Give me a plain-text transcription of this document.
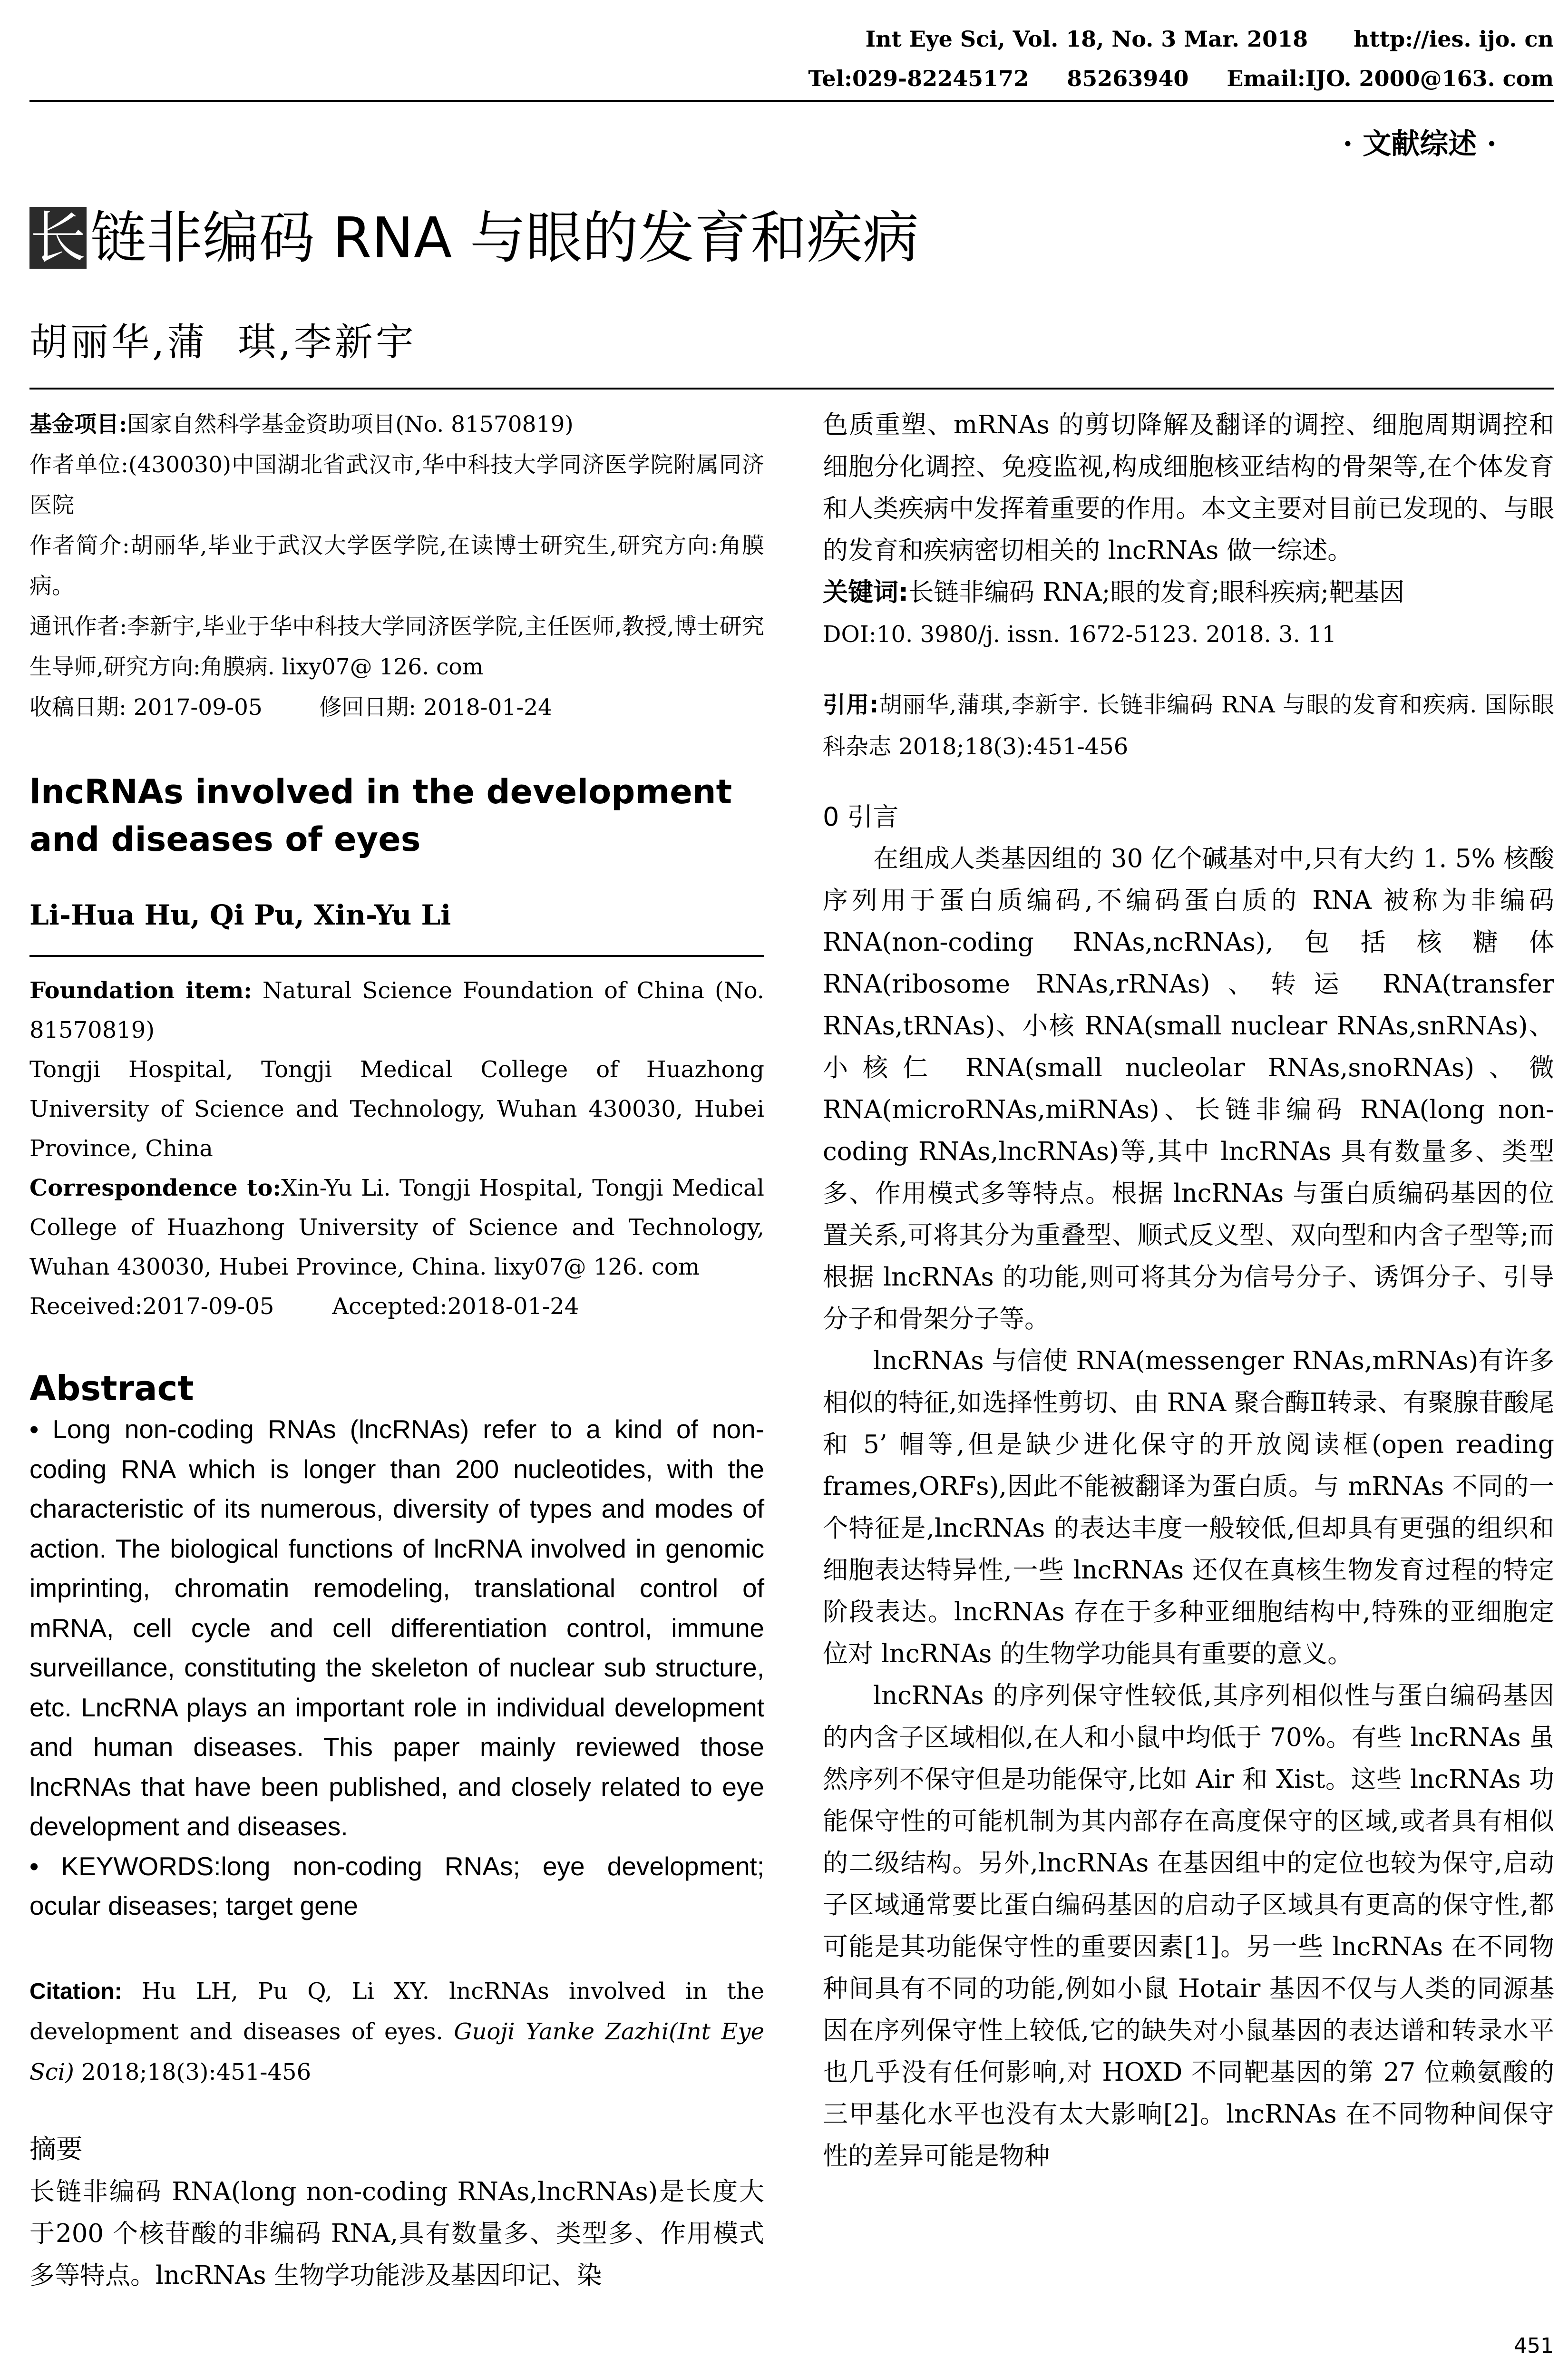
Int Eye Sci, Vol. 18, No. 3 Mar. 2018      http://ies. ijo. cn
Tel:029-82245172     85263940     Email:IJO. 2000@163. com
· 文献综述 ·
长 链非编码 RNA 与眼的发育和疾病
胡丽华,蒲  琪,李新宇
基金项目:国家自然科学基金资助项目(No. 81570819)
作者单位:(430030)中国湖北省武汉市,华中科技大学同济医学院附属同济医院
作者简介:胡丽华,毕业于武汉大学医学院,在读博士研究生,研究方向:角膜病。
通讯作者:李新宇,毕业于华中科技大学同济医学院,主任医师,教授,博士研究生导师,研究方向:角膜病. lixy07@ 126. com
收稿日期: 2017-09-05        修回日期: 2018-01-24
lncRNAs involved in the development and diseases of eyes
Li-Hua Hu, Qi Pu, Xin-Yu Li
Foundation item: Natural Science Foundation of China (No. 81570819)
Tongji Hospital, Tongji Medical College of Huazhong University of Science and Technology, Wuhan 430030, Hubei Province, China
Correspondence to:Xin-Yu Li. Tongji Hospital, Tongji Medical College of Huazhong University of Science and Technology, Wuhan 430030, Hubei Province, China. lixy07@ 126. com
Received:2017-09-05        Accepted:2018-01-24
Abstract
• Long non-coding RNAs (lncRNAs) refer to a kind of non-coding RNA which is longer than 200 nucleotides, with the characteristic of its numerous, diversity of types and modes of action. The biological functions of lncRNA involved in genomic imprinting, chromatin remodeling, translational control of mRNA, cell cycle and cell differentiation control, immune surveillance, constituting the skeleton of nuclear sub structure, etc. LncRNA plays an important role in individual development and human diseases. This paper mainly reviewed those lncRNAs that have been published, and closely related to eye development and diseases.
• KEYWORDS:long non-coding RNAs; eye development; ocular diseases; target gene
Citation: Hu LH, Pu Q, Li XY. lncRNAs involved in the development and diseases of eyes. Guoji Yanke Zazhi(Int Eye Sci) 2018;18(3):451-456
摘要
长链非编码 RNA(long non-coding RNAs,lncRNAs)是长度大于200 个核苷酸的非编码 RNA,具有数量多、类型多、作用模式多等特点。lncRNAs 生物学功能涉及基因印记、染
色质重塑、mRNAs 的剪切降解及翻译的调控、细胞周期调控和细胞分化调控、免疫监视,构成细胞核亚结构的骨架等,在个体发育和人类疾病中发挥着重要的作用。本文主要对目前已发现的、与眼的发育和疾病密切相关的 lncRNAs 做一综述。
关键词:长链非编码 RNA;眼的发育;眼科疾病;靶基因
DOI:10. 3980/j. issn. 1672-5123. 2018. 3. 11
引用:胡丽华,蒲琪,李新宇. 长链非编码 RNA 与眼的发育和疾病. 国际眼科杂志 2018;18(3):451-456
0 引言
在组成人类基因组的 30 亿个碱基对中,只有大约 1. 5% 核酸序列用于蛋白质编码,不编码蛋白质的 RNA 被称为非编码 RNA(non-coding RNAs,ncRNAs),包括核糖体 RNA(ribosome RNAs,rRNAs)、转运 RNA(transfer RNAs,tRNAs)、小核 RNA(small nuclear RNAs,snRNAs)、小核仁 RNA(small nucleolar RNAs,snoRNAs)、微 RNA(microRNAs,miRNAs)、长链非编码 RNA(long non-coding RNAs,lncRNAs)等,其中 lncRNAs 具有数量多、类型多、作用模式多等特点。根据 lncRNAs 与蛋白质编码基因的位置关系,可将其分为重叠型、顺式反义型、双向型和内含子型等;而根据 lncRNAs 的功能,则可将其分为信号分子、诱饵分子、引导分子和骨架分子等。
lncRNAs 与信使 RNA(messenger RNAs,mRNAs)有许多相似的特征,如选择性剪切、由 RNA 聚合酶Ⅱ转录、有聚腺苷酸尾和 5’ 帽等,但是缺少进化保守的开放阅读框(open reading frames,ORFs),因此不能被翻译为蛋白质。与 mRNAs 不同的一个特征是,lncRNAs 的表达丰度一般较低,但却具有更强的组织和细胞表达特异性,一些 lncRNAs 还仅在真核生物发育过程的特定阶段表达。lncRNAs 存在于多种亚细胞结构中,特殊的亚细胞定位对 lncRNAs 的生物学功能具有重要的意义。
lncRNAs 的序列保守性较低,其序列相似性与蛋白编码基因的内含子区域相似,在人和小鼠中均低于 70%。有些 lncRNAs 虽然序列不保守但是功能保守,比如 Air 和 Xist。这些 lncRNAs 功能保守性的可能机制为其内部存在高度保守的区域,或者具有相似的二级结构。另外,lncRNAs 在基因组中的定位也较为保守,启动子区域通常要比蛋白编码基因的启动子区域具有更高的保守性,都可能是其功能保守性的重要因素[1]。另一些 lncRNAs 在不同物种间具有不同的功能,例如小鼠 Hotair 基因不仅与人类的同源基因在序列保守性上较低,它的缺失对小鼠基因的表达谱和转录水平也几乎没有任何影响,对 HOXD 不同靶基因的第 27 位赖氨酸的三甲基化水平也没有太大影响[2]。lncRNAs 在不同物种间保守性的差异可能是物种
451
